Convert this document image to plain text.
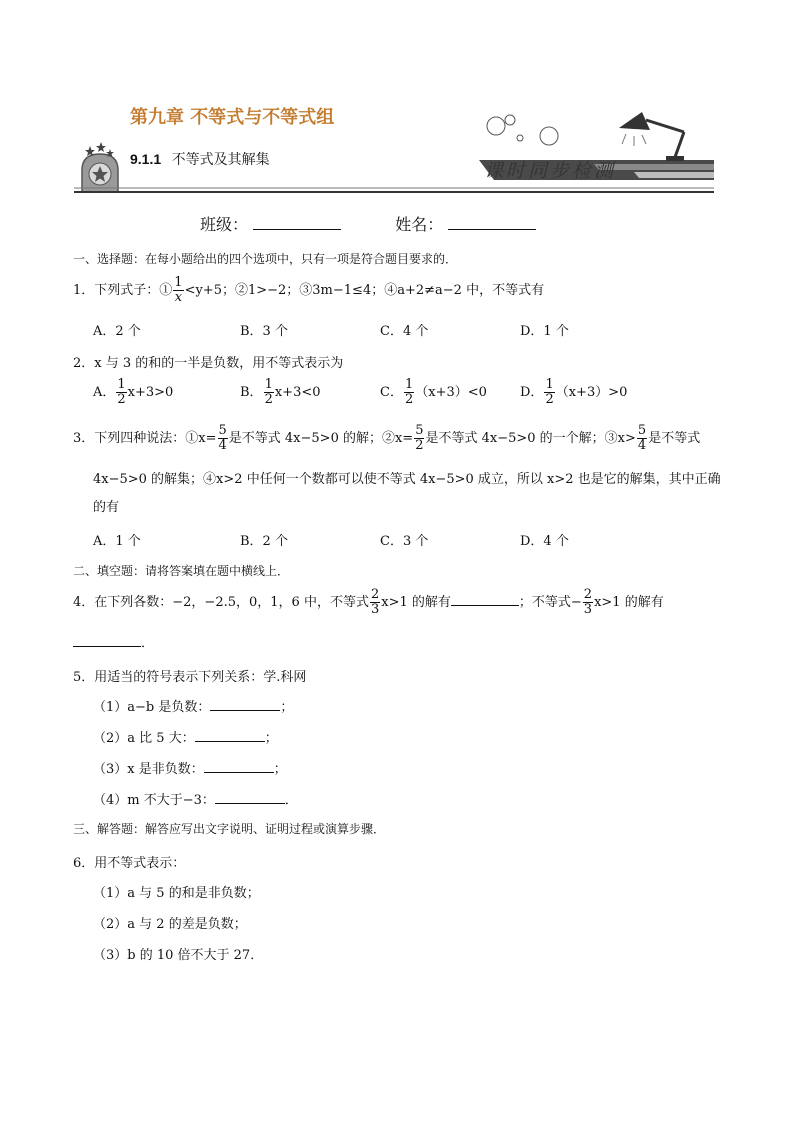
第九章 不等式与不等式组
9.1.1 不等式及其解集	课时同步检测
班级：	姓名：
一、选择题：在每小题给出的四个选项中，只有一项是符合题目要求的．
1．下列式子：① $\frac{1}{x} <y+5$；②1>−2；③3m−1≤4；④a+2≠a−2 中，不等式有
A．2 个	B．3 个	C．4 个	D．1 个
2．x 与 3 的和的一半是负数，用不等式表示为
A． $\frac{1}{2} x+3>0$	B． $\frac{1}{2} x+3<0$	C． $\frac{1}{2} (x+3)<0$	D． $\frac{1}{2} (x+3)>0$
3．下列四种说法：①x= $\frac{5}{4}$ 是不等式 4x−5>0 的解；②x= $\frac{5}{2}$ 是不等式 4x−5>0 的一个解；③x> $\frac{5}{4}$ 是不等式
4x−5>0 的解集；④x>2 中任何一个数都可以使不等式 4x−5>0 成立，所以 x>2 也是它的解集，其中正确
的有
A．1 个	B．2 个	C．3 个	D．4 个
二、填空题：请将答案填在题中横线上．
4．在下列各数：−2，−2.5，0，1，6 中，不等式 $\frac{2}{3} x>1$ 的解有	；不等式− $\frac{2}{3} x>1$ 的解有
．
5．用适当的符号表示下列关系：学.科网
（1）a−b 是负数：	；
（2）a 比 5 大：	；
（3）x 是非负数：	；
（4）m 不大于−3：	．
三、解答题：解答应写出文字说明、证明过程或演算步骤．
6．用不等式表示：
（1）a 与 5 的和是非负数；
（2）a 与 2 的差是负数；
（3）b 的 10 倍不大于 27．
